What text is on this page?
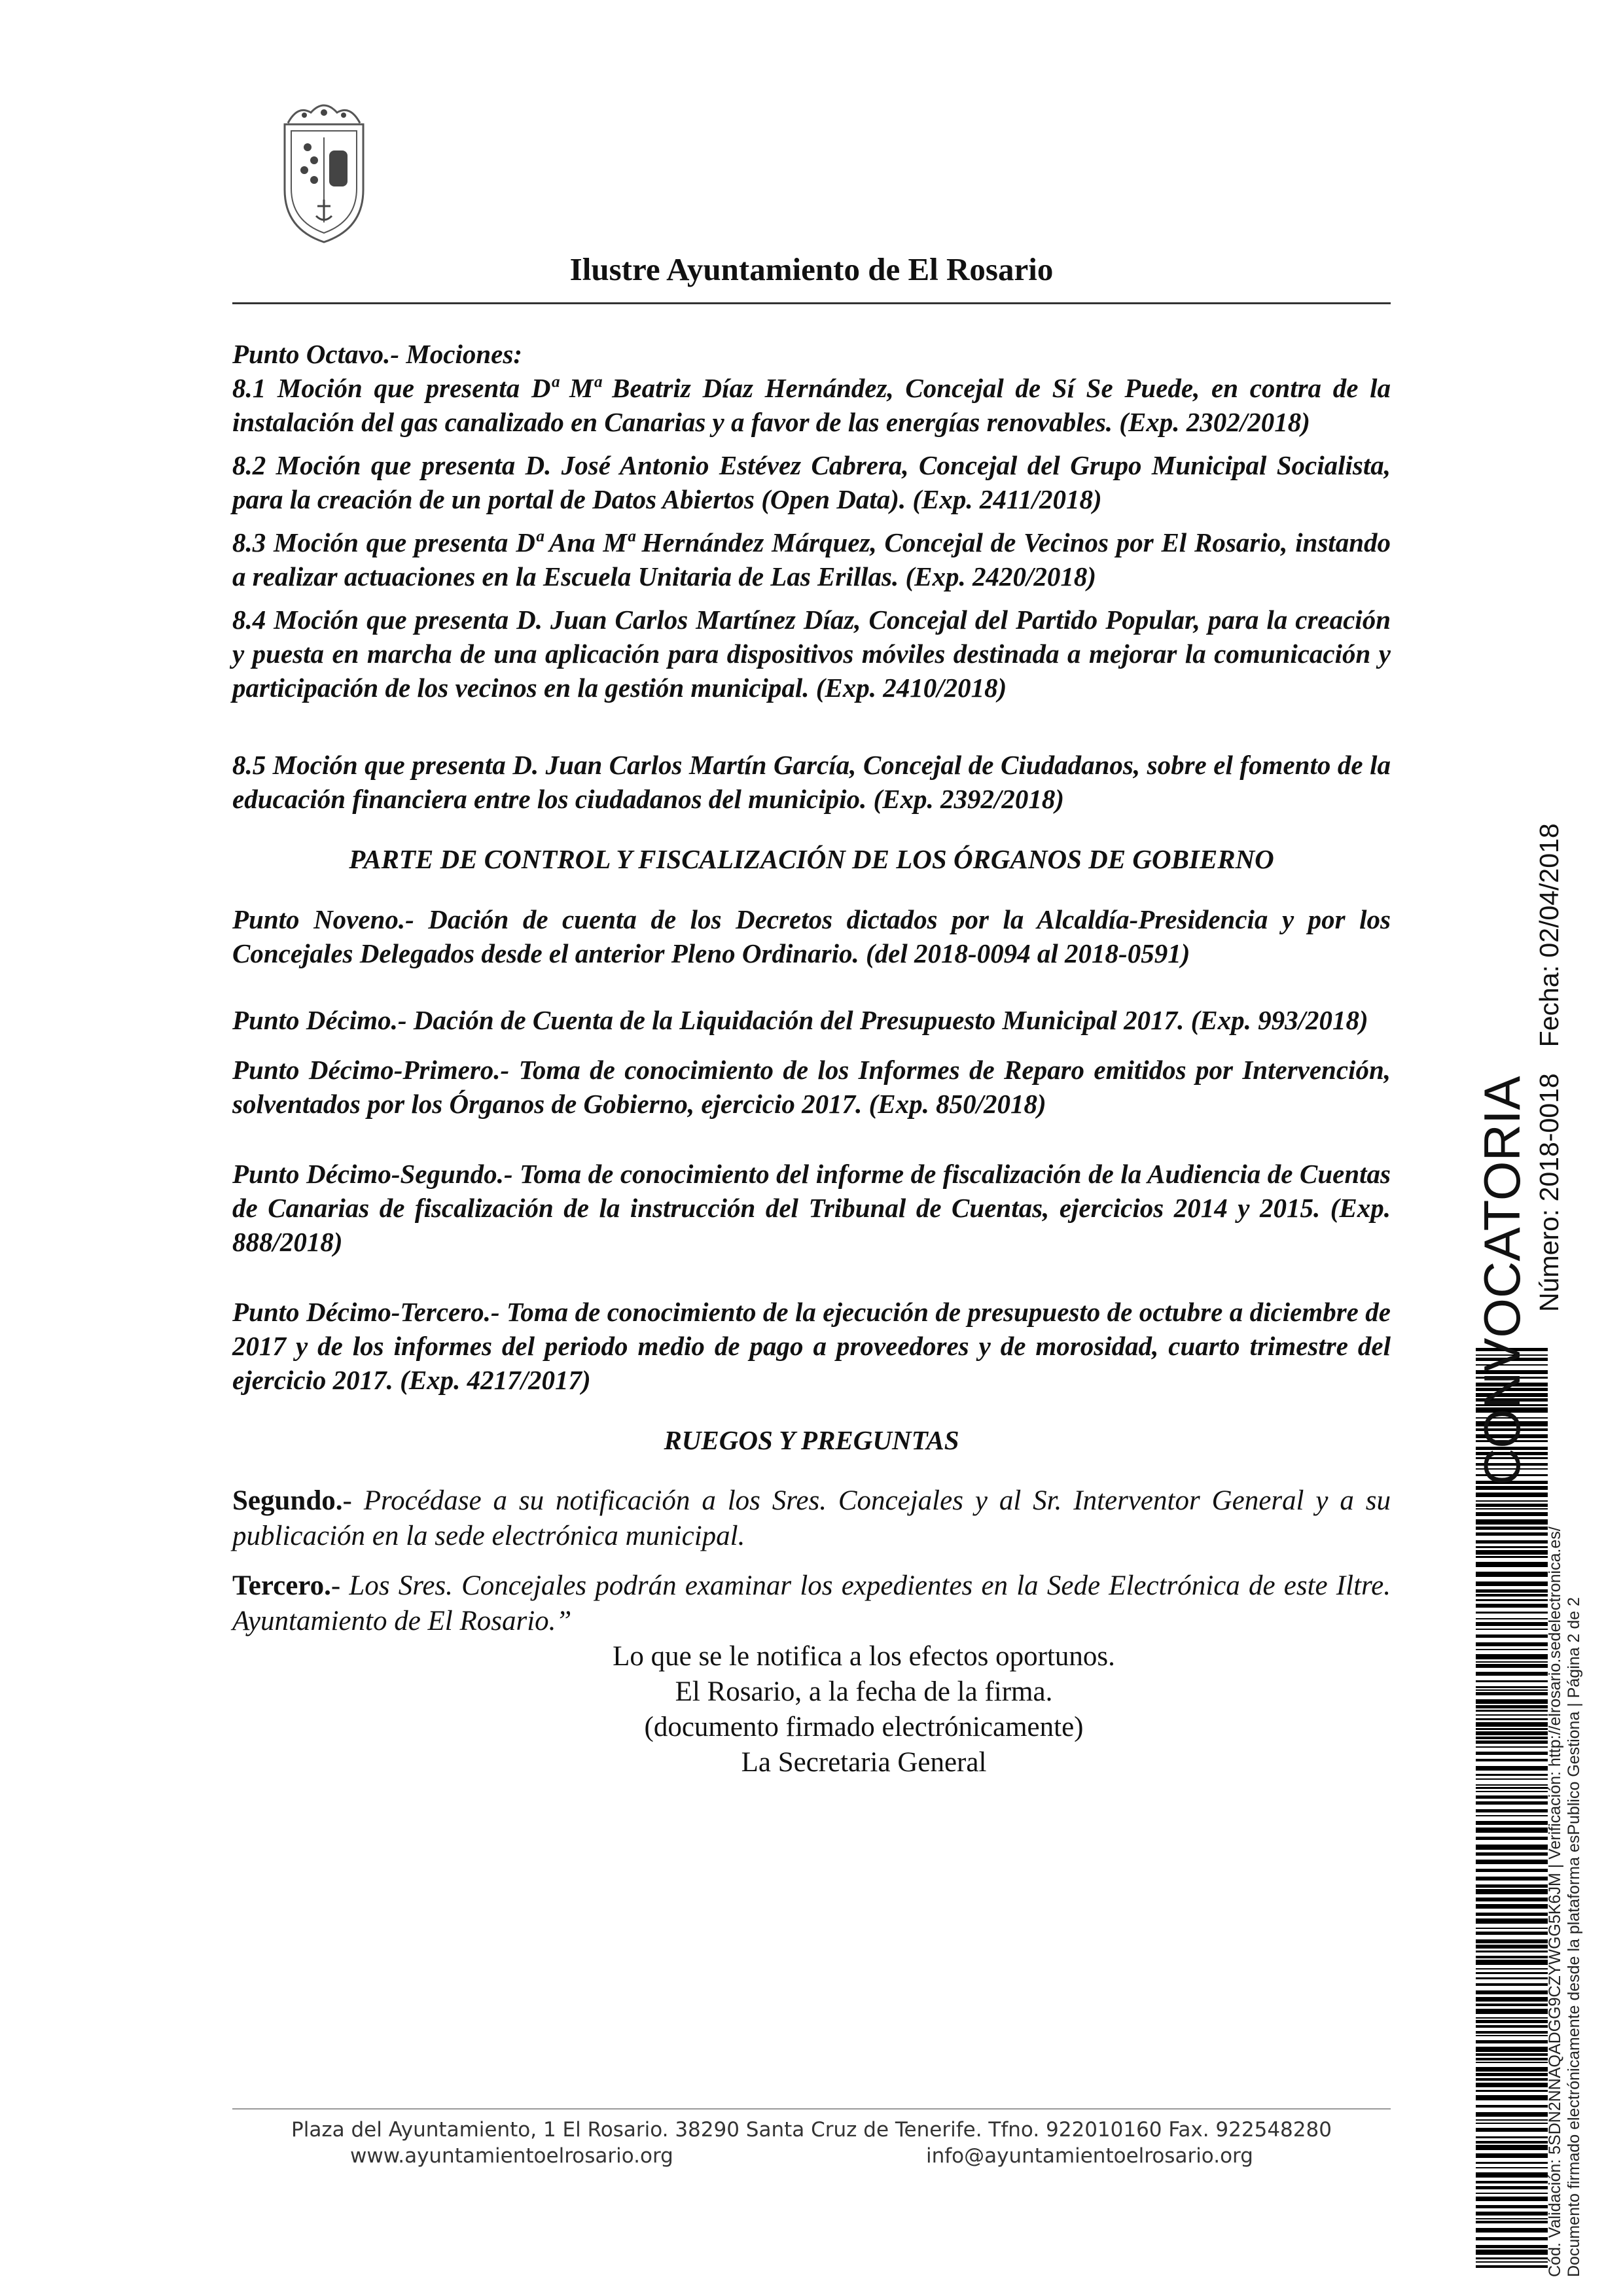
Ilustre Ayuntamiento de El Rosario

Punto Octavo.- Mociones:

8.1 Moción que presenta Dª Mª Beatriz Díaz Hernández, Concejal de Sí Se Puede, en contra de la instalación del gas canalizado en Canarias y a favor de las energías renovables. (Exp. 2302/2018)

8.2 Moción que presenta D. José Antonio Estévez Cabrera, Concejal del Grupo Municipal Socialista, para la creación de un portal de Datos Abiertos (Open Data). (Exp. 2411/2018)

8.3 Moción que presenta Dª Ana Mª Hernández Márquez, Concejal de Vecinos por El Rosario, instando a realizar actuaciones en la Escuela Unitaria de Las Erillas. (Exp. 2420/2018)

8.4 Moción que presenta D. Juan Carlos Martínez Díaz, Concejal del Partido Popular, para la creación y puesta en marcha de una aplicación para dispositivos móviles destinada a mejorar la comunicación y participación de los vecinos en la gestión municipal. (Exp. 2410/2018)

8.5 Moción que presenta D. Juan Carlos Martín García, Concejal de Ciudadanos, sobre el fomento de la educación financiera entre los ciudadanos del municipio. (Exp. 2392/2018)

PARTE DE CONTROL Y FISCALIZACIÓN DE LOS ÓRGANOS DE GOBIERNO

Punto Noveno.- Dación de cuenta de los Decretos dictados por la Alcaldía-Presidencia y por los Concejales Delegados desde el anterior Pleno Ordinario. (del 2018-0094 al 2018-0591)

Punto Décimo.- Dación de Cuenta de la Liquidación del Presupuesto Municipal 2017. (Exp. 993/2018)

Punto Décimo-Primero.- Toma de conocimiento de los Informes de Reparo emitidos por Intervención, solventados por los Órganos de Gobierno, ejercicio 2017. (Exp. 850/2018)

Punto Décimo-Segundo.- Toma de conocimiento del informe de fiscalización de la Audiencia de Cuentas de Canarias de fiscalización de la instrucción del Tribunal de Cuentas, ejercicios 2014 y 2015. (Exp. 888/2018)

Punto Décimo-Tercero.- Toma de conocimiento de la ejecución de presupuesto de octubre a diciembre de 2017 y de los informes del periodo medio de pago a proveedores y de morosidad, cuarto trimestre del ejercicio 2017. (Exp. 4217/2017)

RUEGOS Y PREGUNTAS

Segundo.- Procédase a su notificación a los Sres. Concejales y al Sr. Interventor General y a su publicación en la sede electrónica municipal.

Tercero.- Los Sres. Concejales podrán examinar los expedientes en la Sede Electrónica de este Iltre. Ayuntamiento de El Rosario.”

Lo que se le notifica a los efectos oportunos.

El Rosario, a la fecha de la firma.

(documento firmado electrónicamente)

La Secretaria General

Plaza del Ayuntamiento, 1 El Rosario. 38290 Santa Cruz de Tenerife. Tfno. 922010160 Fax. 922548280
www.ayuntamientoelrosario.org	info@ayuntamientoelrosario.org
CONVOCATORIA Número: 2018-0018Fecha: 02/04/2018
Cód. Validación: 5SDN2NNAQADGG9CZYWGG5K6JM | Verificación: http://elrosario.sedelectronica.es/ Documento firmado electrónicamente desde la plataforma esPublico Gestiona | Página 2 de 2
